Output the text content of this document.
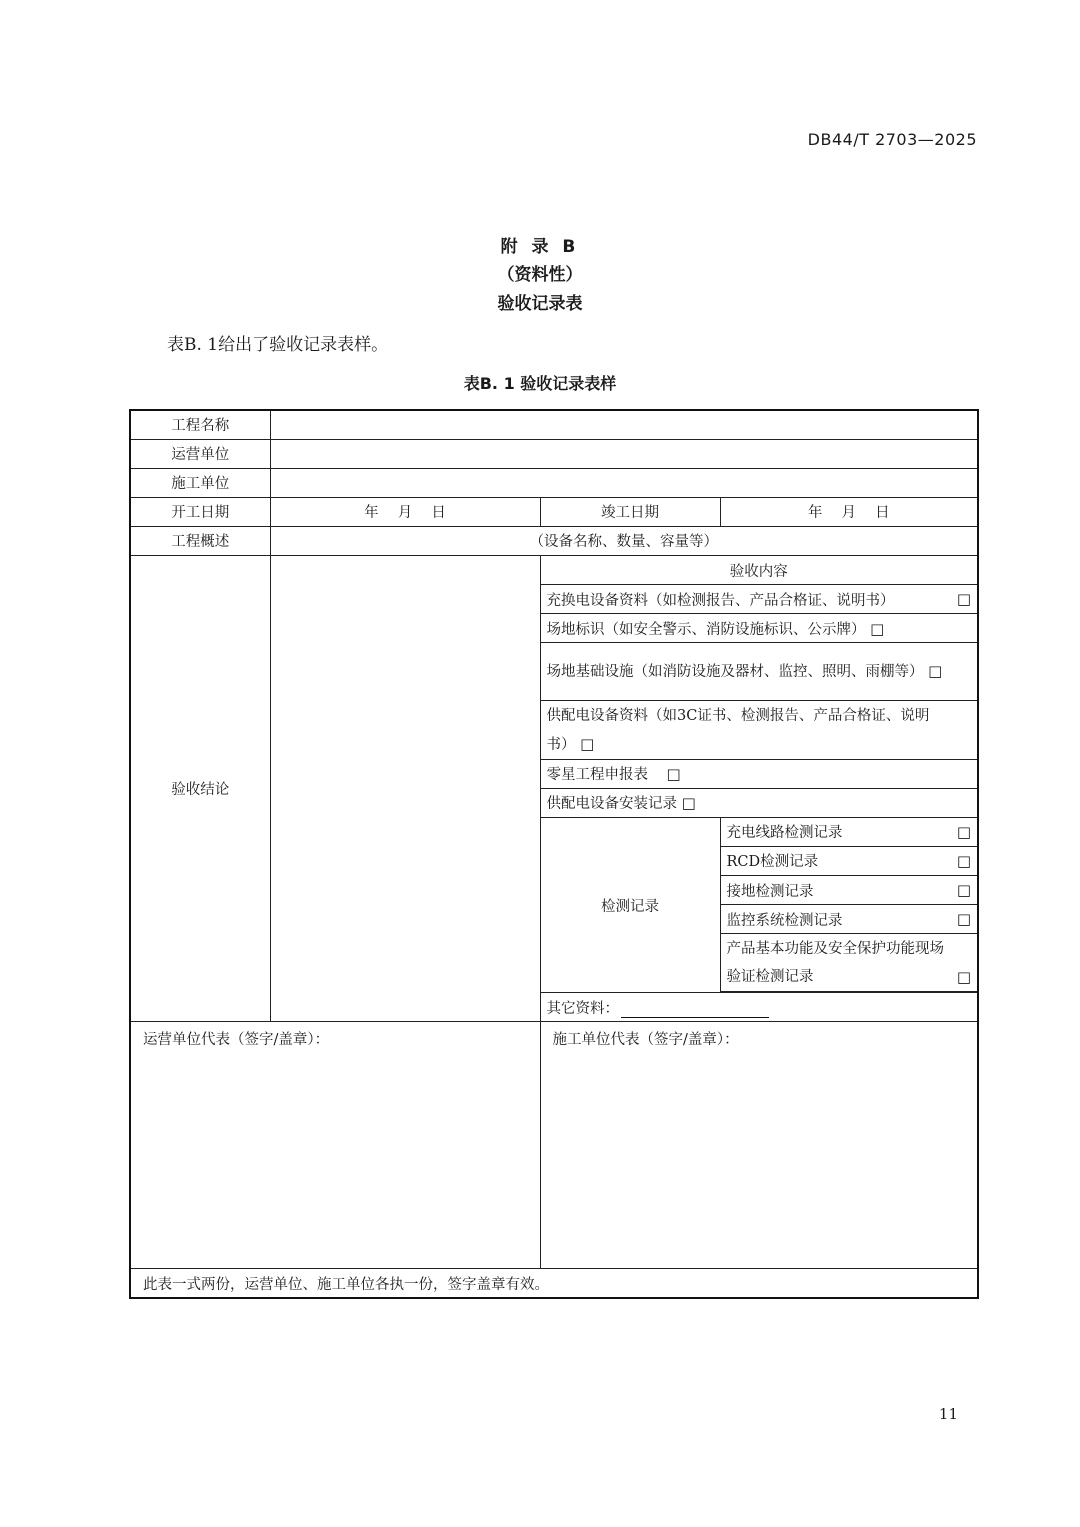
DB44/T 2703—2025
附 录 B
（资料性）
验收记录表
表B. 1给出了验收记录表样。
表B. 1 验收记录表样
工程名称			
运营单位			
施工单位			
开工日期	年　 月　 日	竣工日期	年　 月　 日
工程概述	（设备名称、数量、容量等）		
验收结论		验收内容	

		充换电设备资料（如检测报告、产品合格证、说明书） □	

		场地标识（如安全警示、消防设施标识、公示牌） □	
		场地基础设施（如消防设施及器材、监控、照明、雨棚等） □	
		供配电设备资料（如3C证书、检测报告、产品合格证、说明书） □	
		零星工程申报表 □	
		供配电设备安装记录 □	
		检测记录	充电线路检测记录 □

			RCD检测记录 □

			接地检测记录 □

			监控系统检测记录 □

			产品基本功能及安全保护功能现场验证检测记录 □

		其它资料：	
运营单位代表（签字/盖章）：		施工单位代表（签字/盖章）：	
此表一式两份，运营单位、施工单位各执一份，签字盖章有效。			
11
